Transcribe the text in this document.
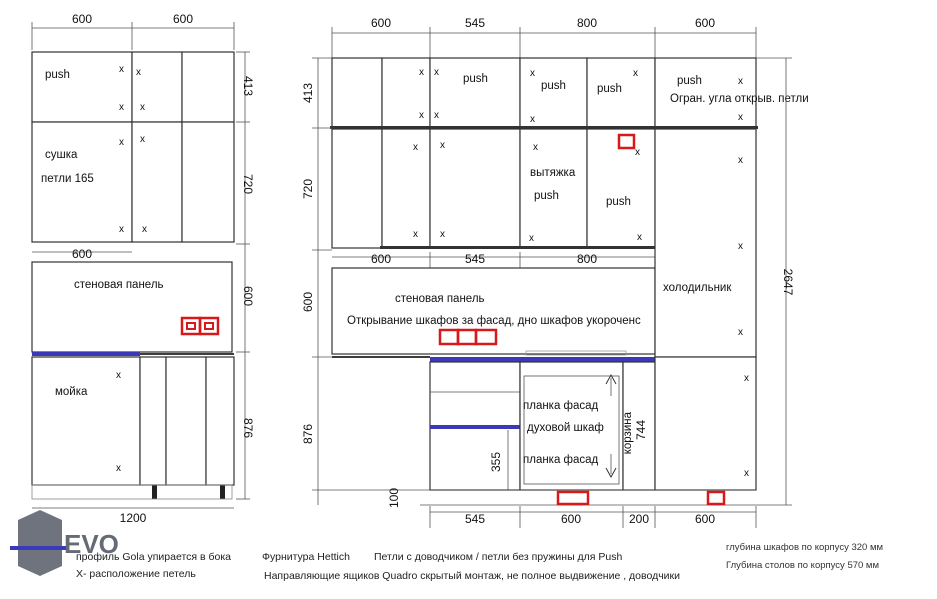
600	600
push
сушка
петли 165
x
x
x
x
x
x
x
x
600
стеновая панель
мойка
x
x
413
720
600
876
1200
600	545	800	600
push
push	push
push
Огран. угла открыв. петли
вытяжка
push	push
x x
x x
x
x
x
x
x
x
x
x
x
x
x
x
x
600	545	800
стеновая панель
Открывание шкафов за фасад, дно шкафов укороченс
холодильник
x
x
x
x
x
планка фасад
духовой шкаф
планка фасад
корзина 744
355
413
720
600
876
100
2647
545	600	200	600
EVO
профиль Gola упирается в бока
X- расположение петель
Фурнитура Hettich Петли с доводчиком / петли без пружины для Push
Направляющие ящиков Quadro скрытый монтаж, не полное выдвижение , доводчики
глубина шкафов по корпусу 320 мм
Глубина столов по корпусу 570 мм
